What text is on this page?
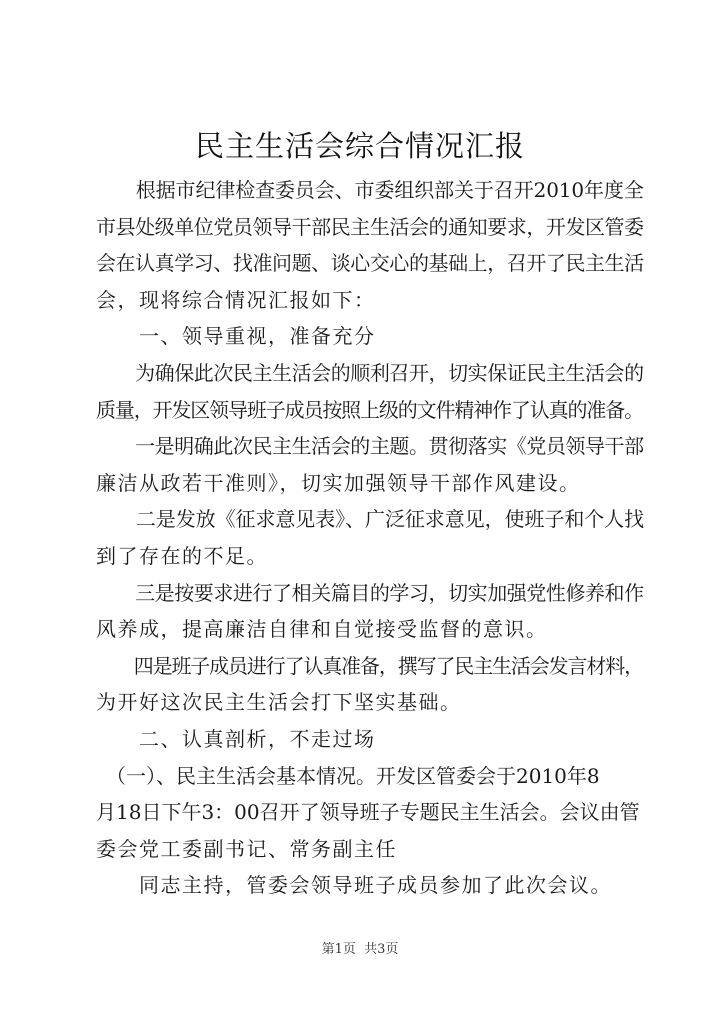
民主生活会综合情况汇报
　　根据市纪律检查委员会、市委组织部关于召开2010年度全
市县处级单位党员领导干部民主生活会的通知要求，开发区管委
会在认真学习、找准问题、谈心交心的基础上，召开了民主生活
会，现将综合情况汇报如下：
　　一、领导重视，准备充分
　　为确保此次民主生活会的顺利召开，切实保证民主生活会的
质量，开发区领导班子成员按照上级的文件精神作了认真的准备。
　　一是明确此次民主生活会的主题。贯彻落实《党员领导干部
廉洁从政若干准则》，切实加强领导干部作风建设。
　　二是发放《征求意见表》、广泛征求意见，使班子和个人找
到了存在的不足。
　　三是按要求进行了相关篇目的学习，切实加强党性修养和作
风养成，提高廉洁自律和自觉接受监督的意识。
　　四是班子成员进行了认真准备，撰写了民主生活会发言材料，
为开好这次民主生活会打下坚实基础。
　　二、认真剖析，不走过场
　（一）、民主生活会基本情况。开发区管委会于2010年8
月18日下午3：00召开了领导班子专题民主生活会。会议由管
委会党工委副书记、常务副主任
　　同志主持，管委会领导班子成员参加了此次会议。
第1页  共3页
